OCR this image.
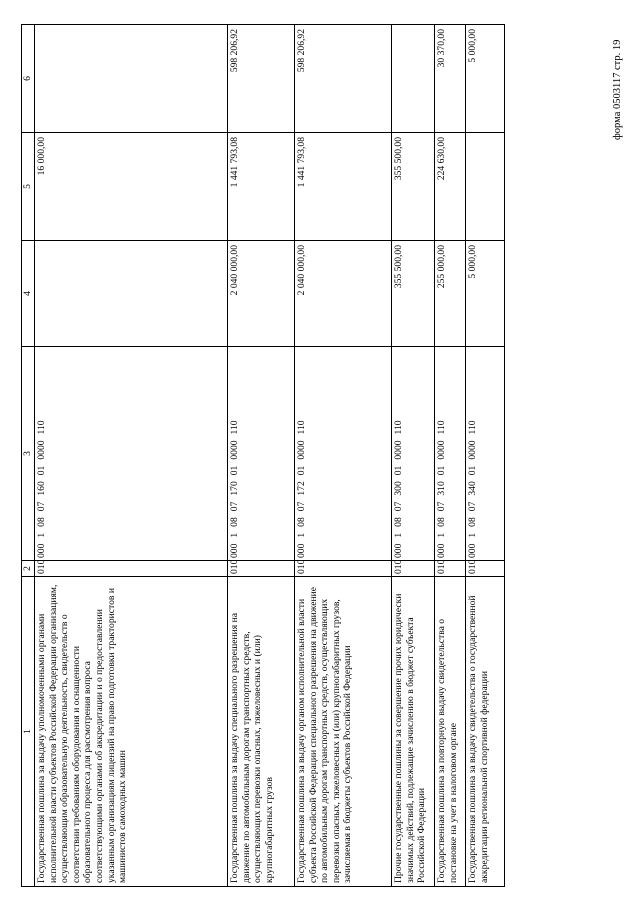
форма 0503117 стр. 19
1	2	3	4	5	6
Государственная пошлина за выдачу уполномоченными органами исполнительной власти субъектов Российской Федерации организациям, осуществляющим образовательную деятельность, свидетельств о соответствии требованиям оборудования и оснащенности образовательного процесса для рассмотрения вопроса соответствующими органами об аккредитации и о предоставлении указанным организациям лицензий на право подготовки трактористов и машинистов самоходных машин	010	00010807160010000110		16 000,00	
Государственная пошлина за выдачу специального разрешения на движение по автомобильным дорогам транспортных средств, осуществляющих перевозки опасных, тяжеловесных и (или) крупногабаритных грузов	010	00010807170010000110	2 040 000,00	1 441 793,08	598 206,92
Государственная пошлина за выдачу органом исполнительной власти субъекта Российской Федерации специального разрешения на движение по автомобильным дорогам транспортных средств, осуществляющих перевозки опасных, тяжеловесных и (или) крупногабаритных грузов, зачисляемая в бюджеты субъектов Российской Федерации	010	00010807172010000110	2 040 000,00	1 441 793,08	598 206,92
Прочие государственные пошлины за совершение прочих юридически значимых действий, подлежащие зачислению в бюджет субъекта Российской Федерации	010	00010807300010000110	355 500,00	355 500,00	
Государственная пошлина за повторную выдачу свидетельства о постановке на учет в налоговом органе	010	00010807310010000110	255 000,00	224 630,00	30 370,00
Государственная пошлина за выдачу свидетельства о государственной аккредитации региональной спортивной федерации	010	00010807340010000110	5 000,00		5 000,00
